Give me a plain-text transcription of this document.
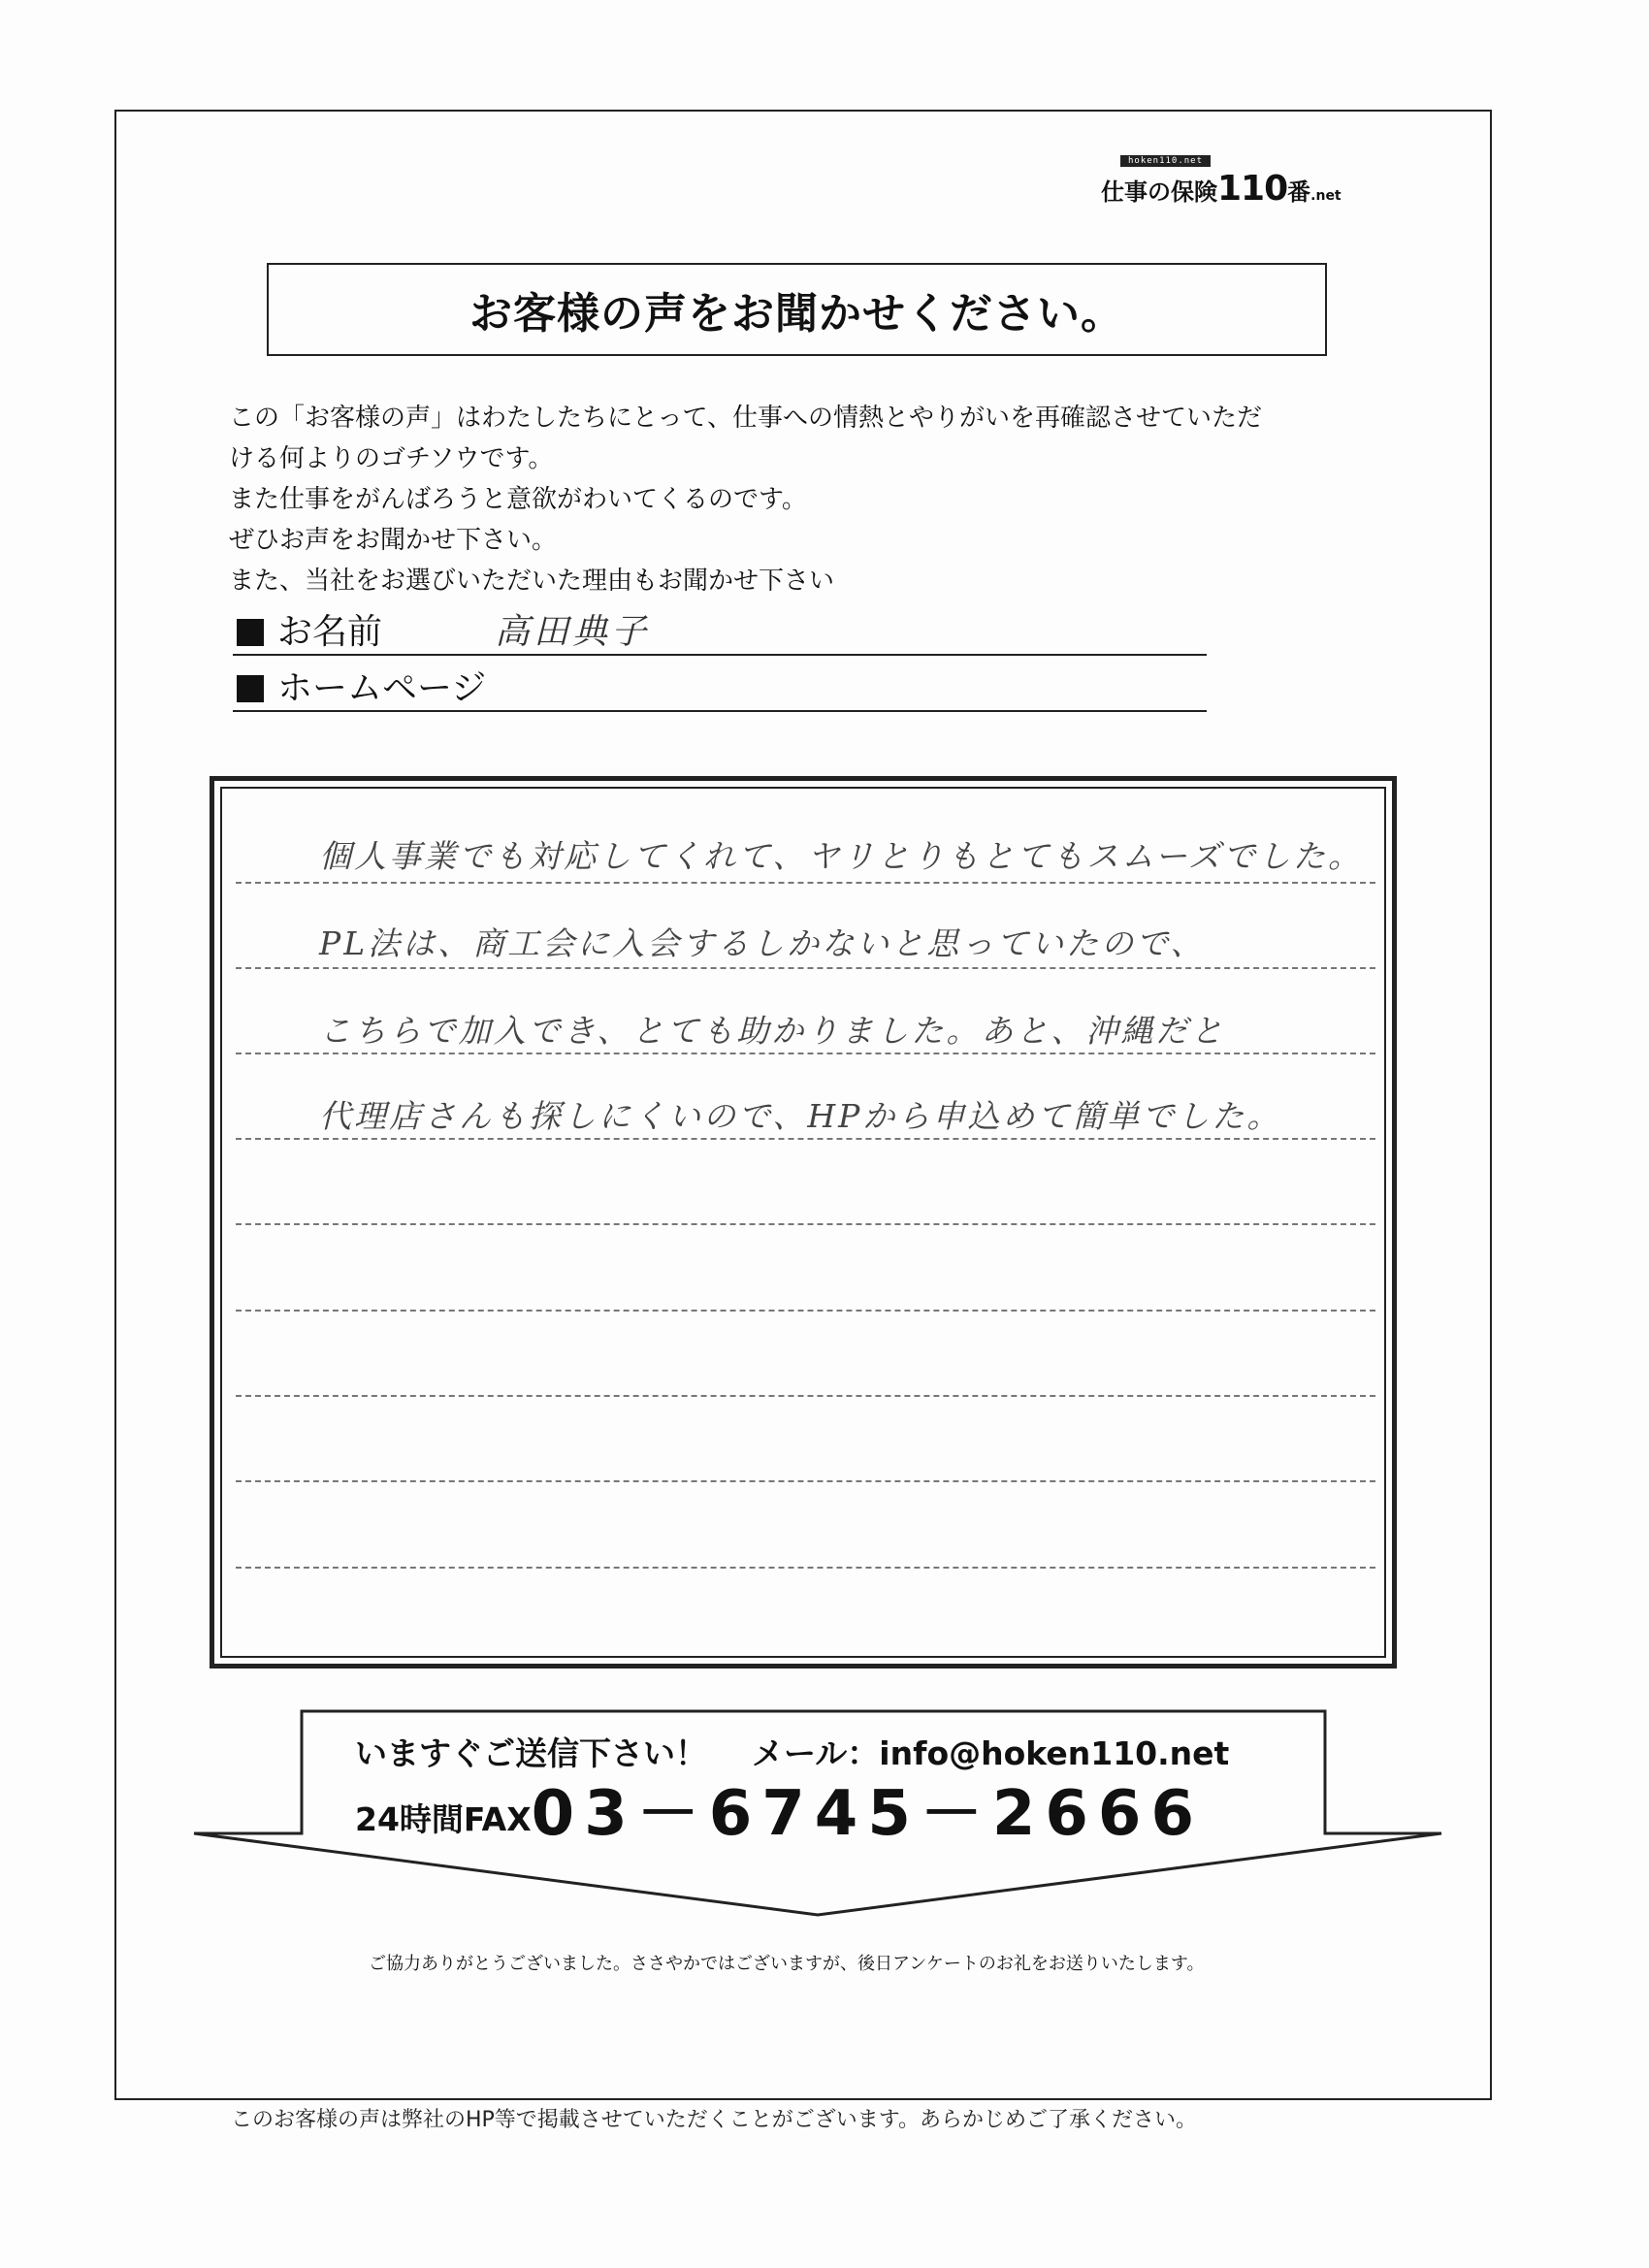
hoken110.net
仕事の保険110番.net
お客様の声をお聞かせください。
この「お客様の声」はわたしたちにとって、仕事への情熱とやりがいを再確認させていただ
ける何よりのゴチソウです。
また仕事をがんばろうと意欲がわいてくるのです。
ぜひお声をお聞かせ下さい。
また、当社をお選びいただいた理由もお聞かせ下さい
お名前	高田典子
ホームページ
個人事業でも対応してくれて、ヤリとりもとてもスムーズでした。
PL法は、商工会に入会するしかないと思っていたので、
こちらで加入でき、とても助かりました。あと、沖縄だと
代理店さんも探しにくいので、HPから申込めて簡単でした。
いますぐご送信下さい！ メール：info@hoken110.net
24時間FAX03－6745－2666
ご協力ありがとうございました。ささやかではございますが、後日アンケートのお礼をお送りいたします。
このお客様の声は弊社のHP等で掲載させていただくことがございます。あらかじめご了承ください。
